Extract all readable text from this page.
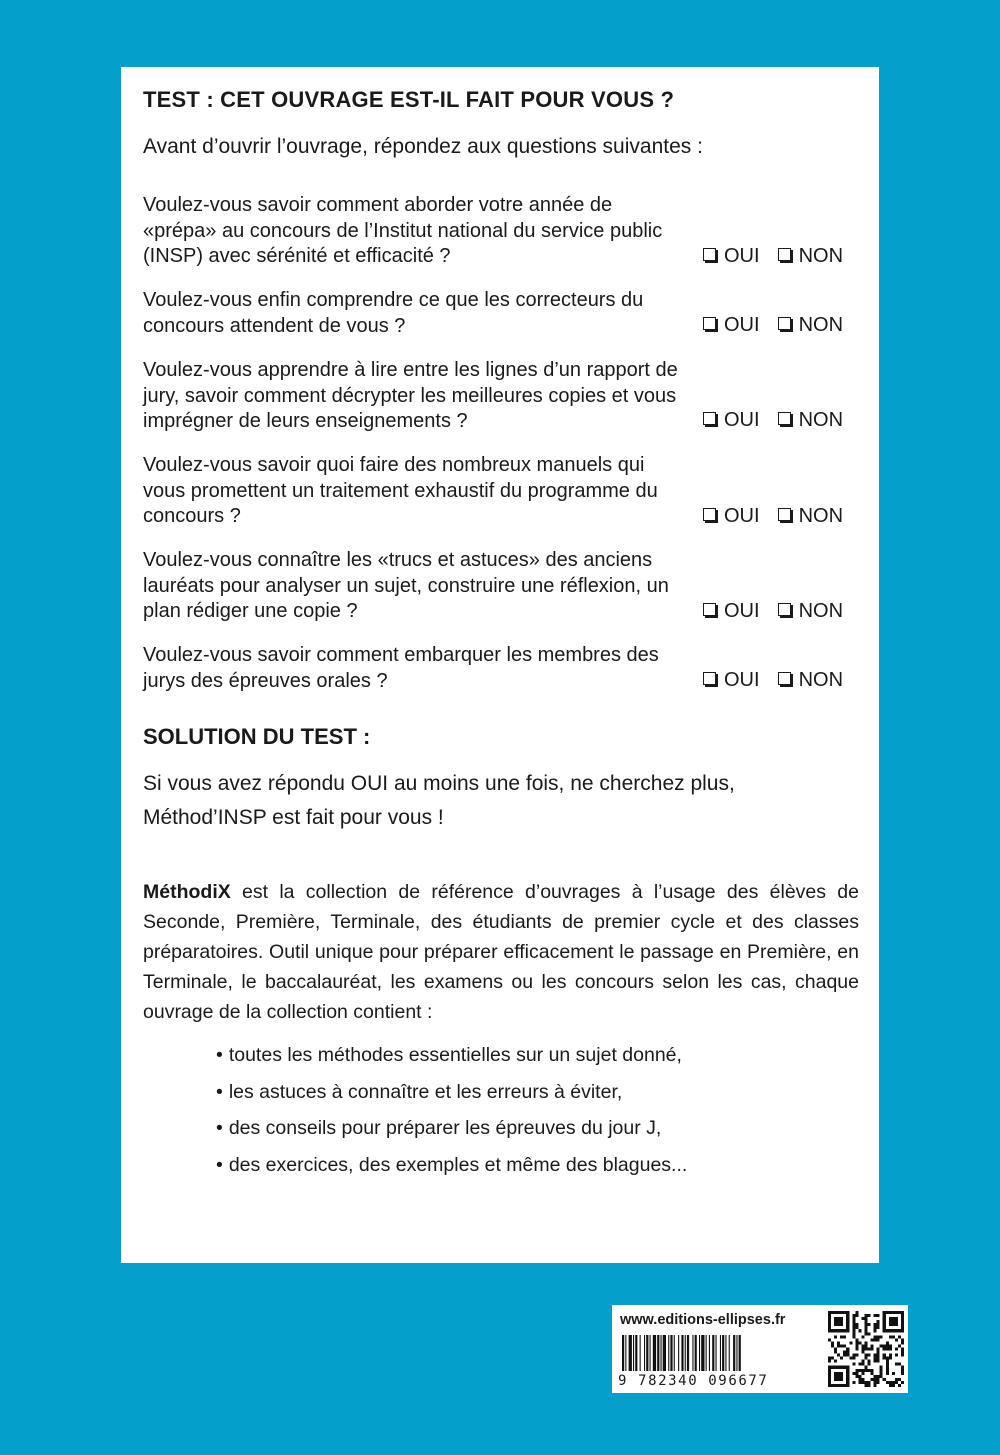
TEST : CET OUVRAGE EST-IL FAIT POUR VOUS ?
Avant d’ouvrir l’ouvrage, répondez aux questions suivantes :
Voulez-vous savoir comment aborder votre année de «prépa» au concours de l’Institut national du service public (INSP) avec sérénité et efficacité ?	OUI NON
Voulez-vous enfin comprendre ce que les correcteurs du concours attendent de vous ?	OUI NON
Voulez-vous apprendre à lire entre les lignes d’un rapport de jury, savoir comment décrypter les meilleures copies et vous imprégner de leurs enseignements ?	OUI NON
Voulez-vous savoir quoi faire des nombreux manuels qui vous promettent un traitement exhaustif du programme du concours ?	OUI NON
Voulez-vous connaître les «trucs et astuces» des anciens lauréats pour analyser un sujet, construire une réflexion, un plan rédiger une copie ?	OUI NON
Voulez-vous savoir comment embarquer les membres des jurys des épreuves orales ?	OUI NON
SOLUTION DU TEST :
Si vous avez répondu OUI au moins une fois, ne cherchez plus, Méthod’INSP est fait pour vous !
MéthodiX est la collection de référence d’ouvrages à l’usage des élèves de Seconde, Première, Terminale, des étudiants de premier cycle et des classes préparatoires. Outil unique pour préparer efficacement le passage en Première, en Terminale, le baccalauréat, les examens ou les concours selon les cas, chaque ouvrage de la collection contient :
• toutes les méthodes essentielles sur un sujet donné,
• les astuces à connaître et les erreurs à éviter,
• des conseils pour préparer les épreuves du jour J,
• des exercices, des exemples et même des blagues...
www.editions-ellipses.fr
9 782340 096677
